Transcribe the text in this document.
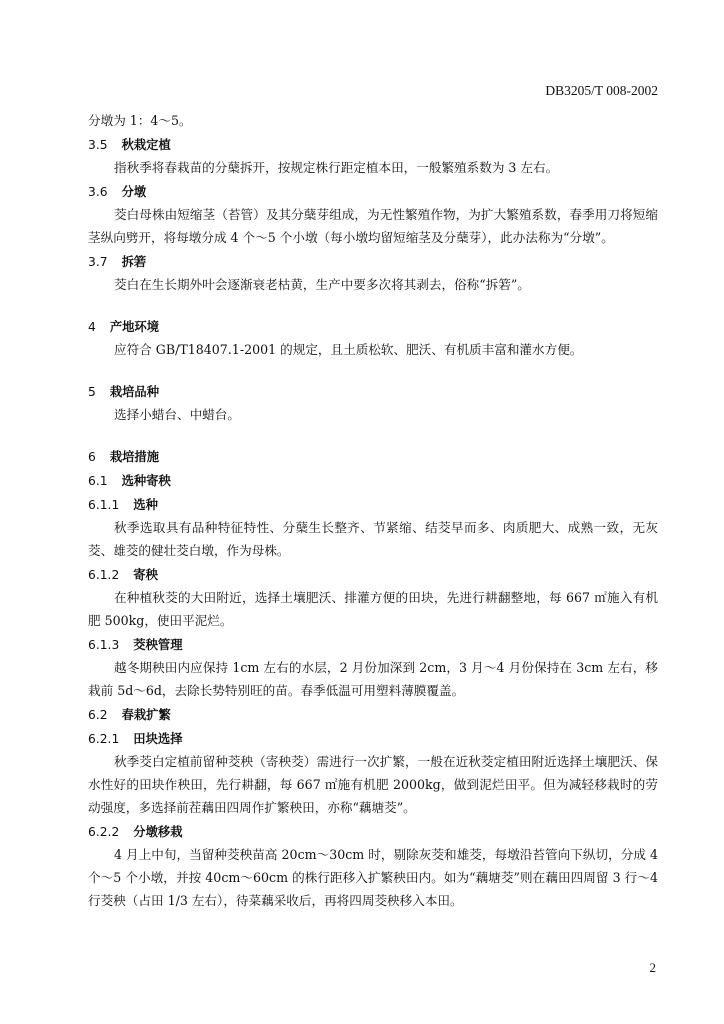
DB3205/T 008-2002
分墩为 1：4～5。
3.5 秋栽定植
指秋季将春栽苗的分蘖拆开，按规定株行距定植本田，一般繁殖系数为 3 左右。
3.6 分墩
茭白母株由短缩茎（苔管）及其分蘖芽组成，为无性繁殖作物，为扩大繁殖系数，春季用刀将短缩茎纵向劈开，将每墩分成 4 个～5 个小墩（每小墩均留短缩茎及分蘖芽），此办法称为“分墩”。
3.7 拆箬
茭白在生长期外叶会逐渐衰老枯黄，生产中要多次将其剥去，俗称“拆箬”。
4 产地环境
应符合 GB/T18407.1-2001 的规定，且土质松软、肥沃、有机质丰富和灌水方便。
5 栽培品种
选择小蜡台、中蜡台。
6 栽培措施
6.1 选种寄秧
6.1.1 选种
秋季选取具有品种特征特性、分蘖生长整齐、节紧缩、结茭早而多、肉质肥大、成熟一致，无灰茭、雄茭的健壮茭白墩，作为母株。
6.1.2 寄秧
在种植秋茭的大田附近，选择土壤肥沃、排灌方便的田块，先进行耕翻整地，每 667 ㎡施入有机肥 500kg，使田平泥烂。
6.1.3 茭秧管理
越冬期秧田内应保持 1cm 左右的水层，2 月份加深到 2cm，3 月～4 月份保持在 3cm 左右，移栽前 5d～6d，去除长势特别旺的苗。春季低温可用塑料薄膜覆盖。
6.2 春栽扩繁
6.2.1 田块选择
秋季茭白定植前留种茭秧（寄秧茭）需进行一次扩繁，一般在近秋茭定植田附近选择土壤肥沃、保水性好的田块作秧田，先行耕翻，每 667 ㎡施有机肥 2000kg，做到泥烂田平。但为减轻移栽时的劳动强度，多选择前茬藕田四周作扩繁秧田，亦称“藕塘茭”。
6.2.2 分墩移栽
4 月上中旬，当留种茭秧苗高 20cm～30cm 时，剔除灰茭和雄茭，每墩沿苔管向下纵切，分成 4 个～5 个小墩，并按 40cm～60cm 的株行距移入扩繁秧田内。如为“藕塘茭”则在藕田四周留 3 行～4 行茭秧（占田 1/3 左右），待菜藕采收后，再将四周茭秧移入本田。
2
